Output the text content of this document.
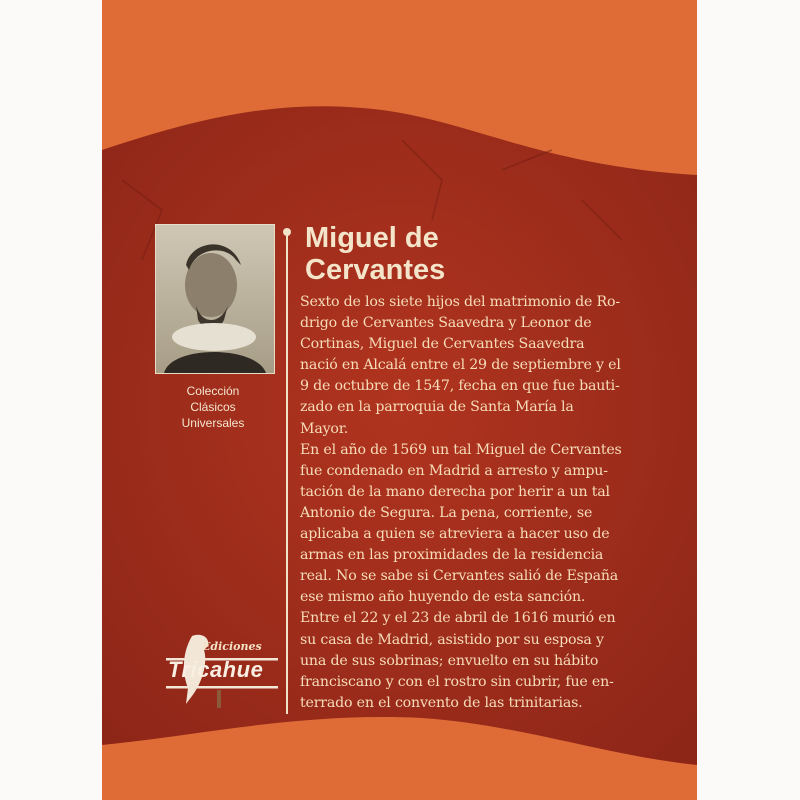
Colección
Clásicos
Universales
Miguel de
Cervantes
Sexto de los siete hijos del matrimonio de Ro-
drigo de Cervantes Saavedra y Leonor de
Cortinas, Miguel de Cervantes Saavedra
nació en Alcalá entre el 29 de septiembre y el
9 de octubre de 1547, fecha en que fue bauti-
zado en la parroquia de Santa María la
Mayor.
En el año de 1569 un tal Miguel de Cervantes
fue condenado en Madrid a arresto y ampu-
tación de la mano derecha por herir a un tal
Antonio de Segura. La pena, corriente, se
aplicaba a quien se atreviera a hacer uso de
armas en las proximidades de la residencia
real. No se sabe si Cervantes salió de España
ese mismo año huyendo de esta sanción.
Entre el 22 y el 23 de abril de 1616 murió en
su casa de Madrid, asistido por su esposa y
una de sus sobrinas; envuelto en su hábito
franciscano y con el rostro sin cubrir, fue en-
terrado en el convento de las trinitarias.
Ediciones
Tricahue
